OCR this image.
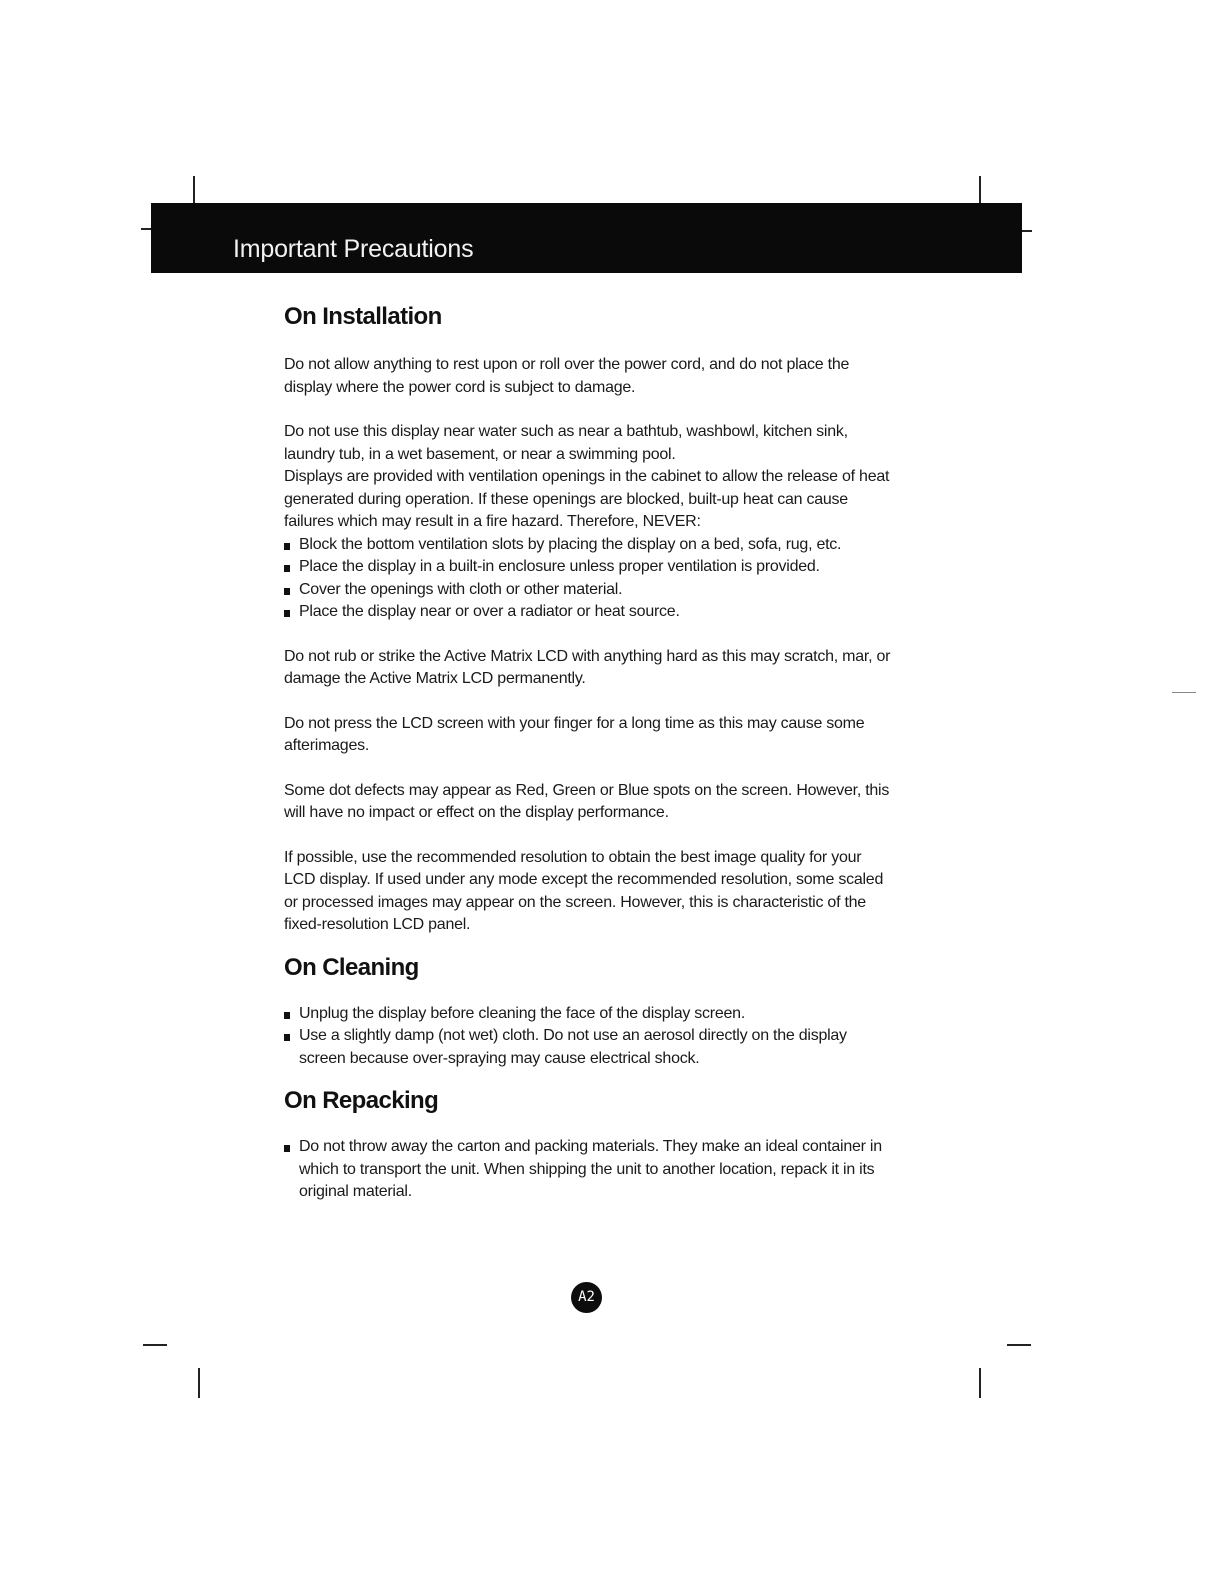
Important Precautions
On Installation

Do not allow anything to rest upon or roll over the power cord, and do not place the display where the power cord is subject to damage.

Do not use this display near water such as near a bathtub, washbowl, kitchen sink, laundry tub, in a wet basement, or near a swimming pool.

Displays are provided with ventilation openings in the cabinet to allow the release of heat generated during operation. If these openings are blocked, built-up heat can cause failures which may result in a fire hazard. Therefore, NEVER:

Block the bottom ventilation slots by placing the display on a bed, sofa, rug, etc.
Place the display in a built-in enclosure unless proper ventilation is provided.
Cover the openings with cloth or other material.
Place the display near or over a radiator or heat source.

Do not rub or strike the Active Matrix LCD with anything hard as this may scratch, mar, or damage the Active Matrix LCD permanently.

Do not press the LCD screen with your finger for a long time as this may cause some afterimages.

Some dot defects may appear as Red, Green or Blue spots on the screen. However, this will have no impact or effect on the display performance.

If possible, use the recommended resolution to obtain the best image quality for your LCD display. If used under any mode except the recommended resolution, some scaled or processed images may appear on the screen. However, this is characteristic of the fixed-resolution LCD panel.

On Cleaning
Unplug the display before cleaning the face of the display screen.
Use a slightly damp (not wet) cloth. Do not use an aerosol directly on the display screen because over-spraying may cause electrical shock.
On Repacking
Do not throw away the carton and packing materials. They make an ideal container in which to transport the unit. When shipping the unit to another location, repack it in its original material.
A2
